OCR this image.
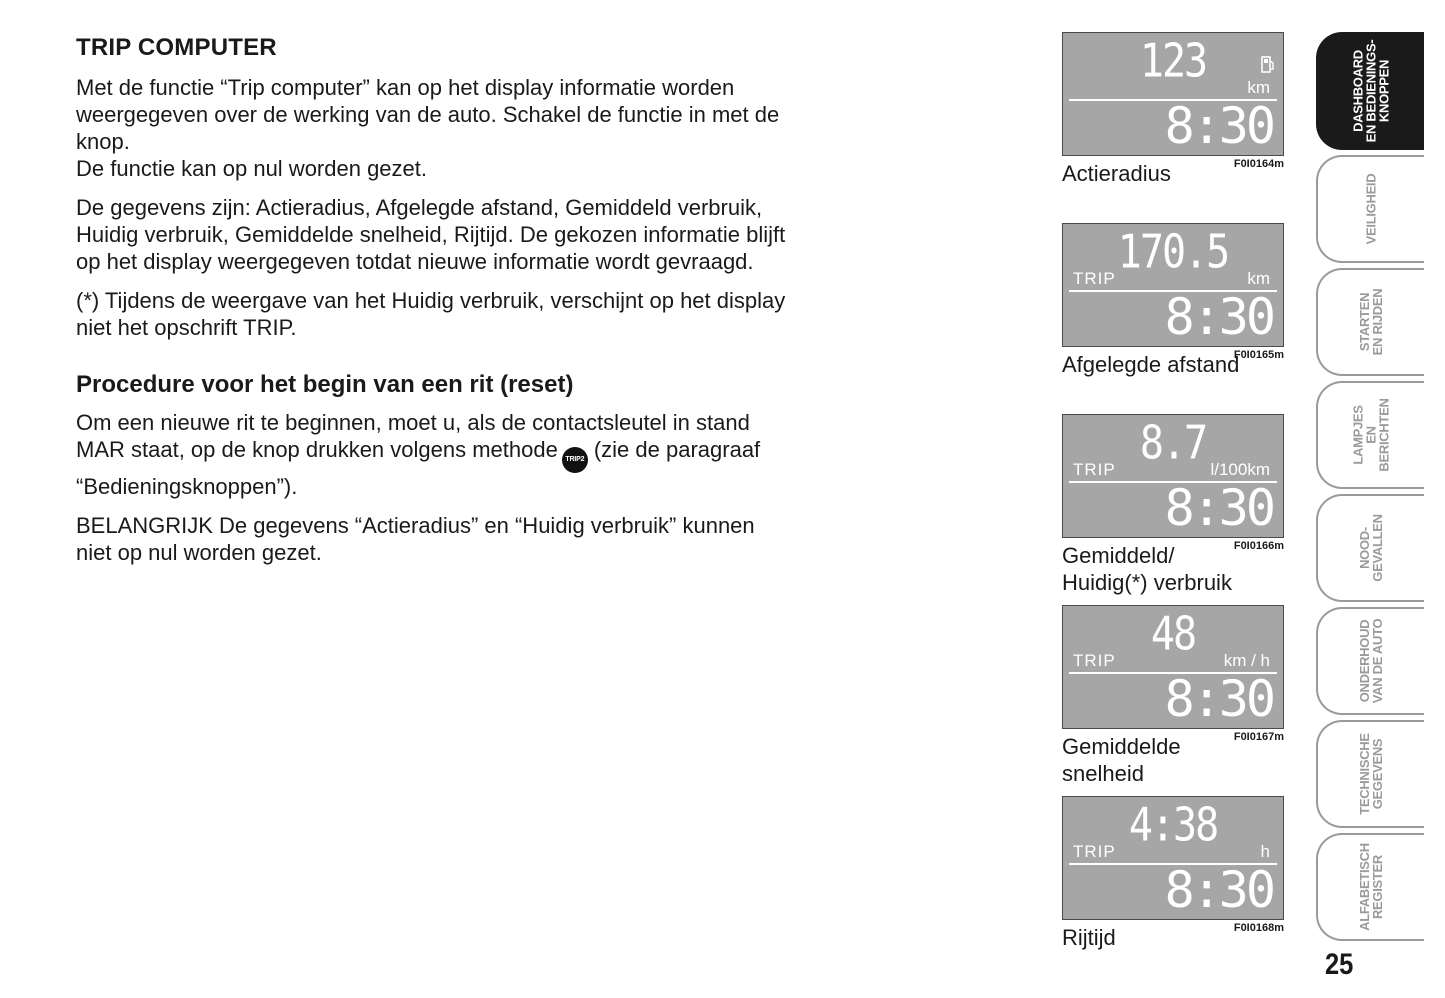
TRIP COMPUTER

Met de functie “Trip computer” kan op het display informatie worden
weergegeven over de werking van de auto. Schakel de functie in met de
knop.
De functie kan op nul worden gezet.

De gegevens zijn: Actieradius, Afgelegde afstand, Gemiddeld verbruik,
Huidig verbruik, Gemiddelde snelheid, Rijtijd. De gekozen informatie blijft
op het display weergegeven totdat nieuwe informatie wordt gevraagd.

(*) Tijdens de weergave van het Huidig verbruik, verschijnt op het display
niet het opschrift TRIP.

Procedure voor het begin van een rit (reset)

Om een nieuwe rit te beginnen, moet u, als de contactsleutel in stand
MAR staat, op de knop drukken volgens methode TRIP2 (zie de paragraaf
“Bedieningsknoppen”).

BELANGRIJK De gegevens “Actieradius” en “Huidig verbruik” kunnen
niet op nul worden gezet.

123	km
8:30
F0I0164m
Actieradius
170.5
TRIP	km
8:30
F0I0165m
Afgelegde afstand
8.7
TRIP	l/100km
8:30
F0I0166m
Gemiddeld/
Huidig(*) verbruik
48
TRIP	km / h
8:30
F0I0167m
Gemiddelde
snelheid
4:38
TRIP	h
8:30
F0I0168m
Rijtijd
DASHBOARD
EN BEDIENINGS-
KNOPPEN
VEILIGHEID
STARTEN
EN RIJDEN
LAMPJES
EN
BERICHTEN
NOOD-
GEVALLEN
ONDERHOUD
VAN DE AUTO
TECHNISCHE
GEGEVENS
ALFABETISCH
REGISTER
25
